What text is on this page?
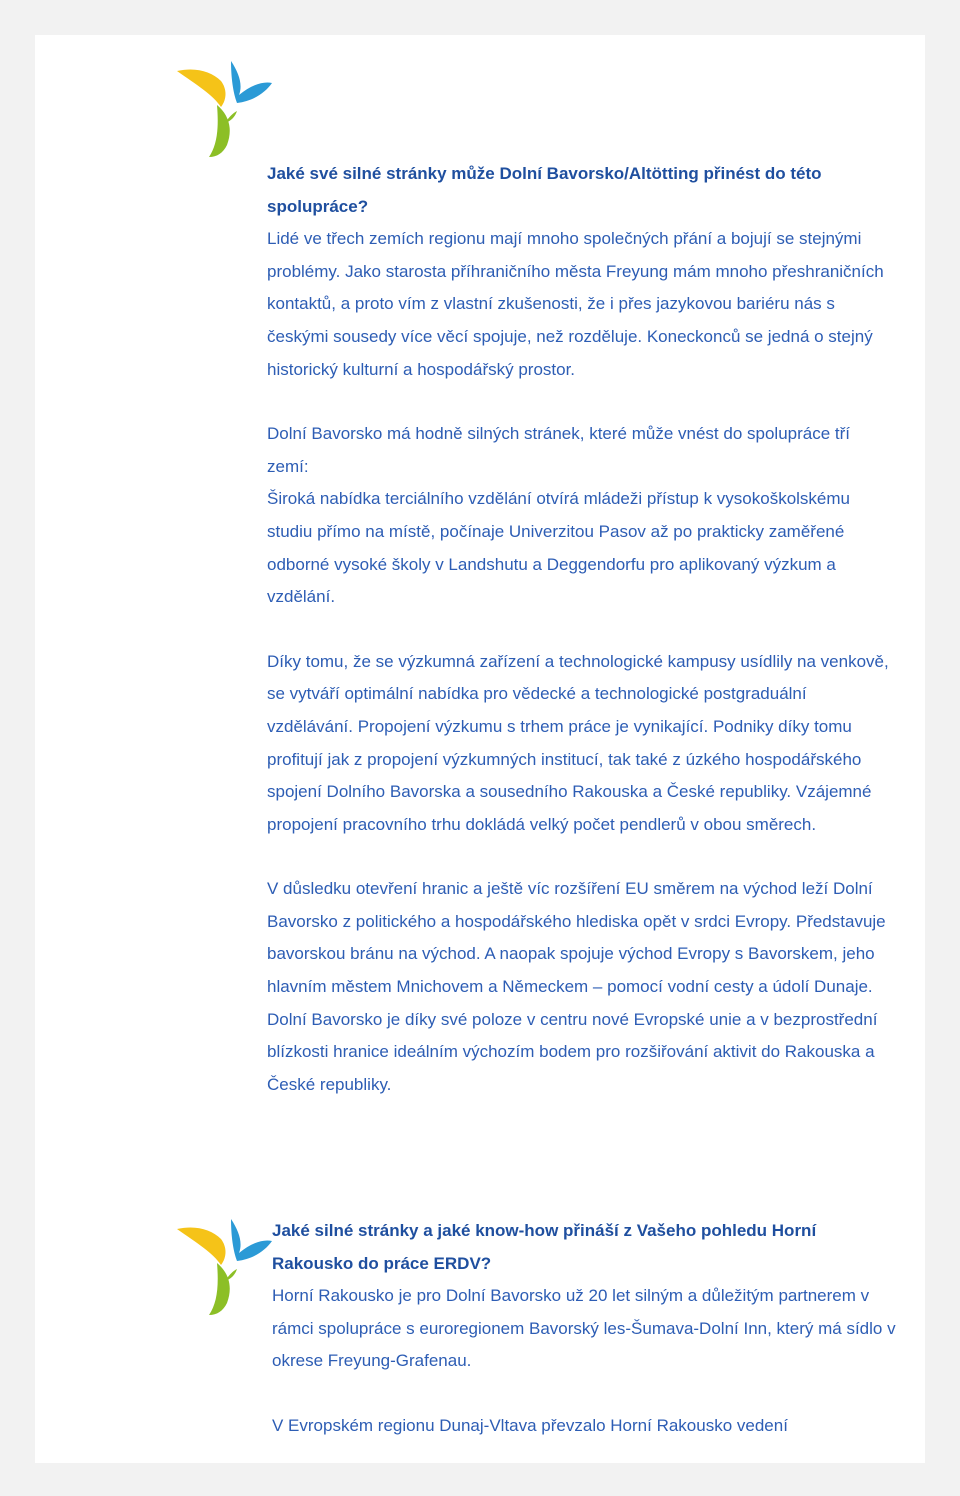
Jaké své silné stránky může Dolní Bavorsko/Altötting přinést do této spolupráce?

Lidé ve třech zemích regionu mají mnoho společných přání a bojují se stejnými problémy. Jako starosta příhraničního města Freyung mám mnoho přeshraničních kontaktů, a proto vím z vlastní zkušenosti, že i přes jazykovou bariéru nás s českými sousedy více věcí spojuje, než rozděluje. Koneckonců se jedná o stejný historický kulturní a hospodářský prostor.

Dolní Bavorsko má hodně silných stránek, které může vnést do spolupráce tří zemí:

Široká nabídka terciálního vzdělání otvírá mládeži přístup k vysokoškolskému studiu přímo na místě, počínaje Univerzitou Pasov až po prakticky zaměřené odborné vysoké školy v Landshutu a Deggendorfu pro aplikovaný výzkum a vzdělání.

Díky tomu, že se výzkumná zařízení a technologické kampusy usídlily na venkově, se vytváří optimální nabídka pro vědecké a technologické postgraduální vzdělávání. Propojení výzkumu s trhem práce je vynikající. Podniky díky tomu profitují jak z propojení výzkumných institucí, tak také z úzkého hospodářského spojení Dolního Bavorska a sousedního Rakouska a České republiky. Vzájemné propojení pracovního trhu dokládá velký počet pendlerů v obou směrech.

V důsledku otevření hranic a ještě víc rozšíření EU směrem na východ leží Dolní Bavorsko z politického a hospodářského hlediska opět v srdci Evropy. Představuje bavorskou bránu na východ. A naopak spojuje východ Evropy s Bavorskem, jeho hlavním městem Mnichovem a Německem – pomocí vodní cesty a údolí Dunaje.

Dolní Bavorsko je díky své poloze v centru nové Evropské unie a v bezprostřední blízkosti hranice ideálním výchozím bodem pro rozšiřování aktivit do Rakouska a České republiky.

Jaké silné stránky a jaké know-how přináší z Vašeho pohledu Horní Rakousko do práce ERDV?

Horní Rakousko je pro Dolní Bavorsko už 20 let silným a důležitým partnerem v rámci spolupráce s euroregionem Bavorský les-Šumava-Dolní Inn, který má sídlo v okrese Freyung-Grafenau.

V Evropském regionu Dunaj-Vltava převzalo Horní Rakousko vedení
